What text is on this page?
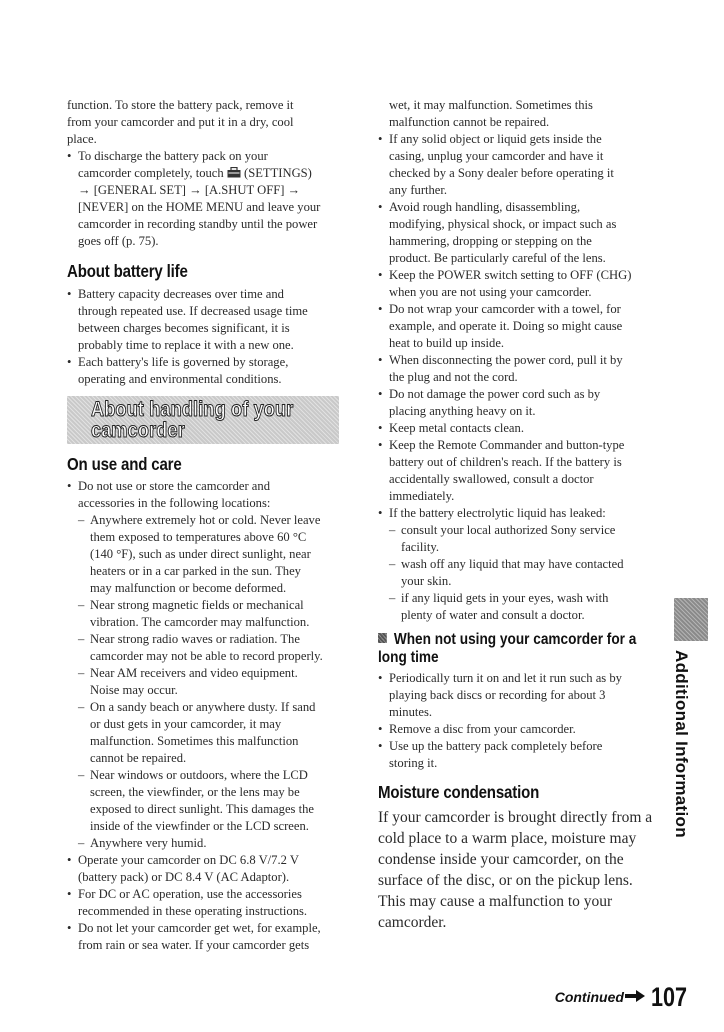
function. To store the battery pack, remove it
from your camcorder and put it in a dry, cool
place.
• To discharge the battery pack on your
camcorder completely, touch (SETTINGS)
→ [GENERAL SET] → [A.SHUT OFF] →
[NEVER] on the HOME MENU and leave your
camcorder in recording standby until the power
goes off (p. 75).
About battery life
• Battery capacity decreases over time and
through repeated use. If decreased usage time
between charges becomes significant, it is
probably time to replace it with a new one.
• Each battery's life is governed by storage,
operating and environmental conditions.
About handling of your
camcorder
On use and care
• Do not use or store the camcorder and
accessories in the following locations:
– Anywhere extremely hot or cold. Never leave
them exposed to temperatures above 60 °C
(140 °F), such as under direct sunlight, near
heaters or in a car parked in the sun. They
may malfunction or become deformed.
– Near strong magnetic fields or mechanical
vibration. The camcorder may malfunction.
– Near strong radio waves or radiation. The
camcorder may not be able to record properly.
– Near AM receivers and video equipment.
Noise may occur.
– On a sandy beach or anywhere dusty. If sand
or dust gets in your camcorder, it may
malfunction. Sometimes this malfunction
cannot be repaired.
– Near windows or outdoors, where the LCD
screen, the viewfinder, or the lens may be
exposed to direct sunlight. This damages the
inside of the viewfinder or the LCD screen.
– Anywhere very humid.
• Operate your camcorder on DC 6.8 V/7.2 V
(battery pack) or DC 8.4 V (AC Adaptor).
• For DC or AC operation, use the accessories
recommended in these operating instructions.
• Do not let your camcorder get wet, for example,
from rain or sea water. If your camcorder gets
wet, it may malfunction. Sometimes this
malfunction cannot be repaired.
• If any solid object or liquid gets inside the
casing, unplug your camcorder and have it
checked by a Sony dealer before operating it
any further.
• Avoid rough handling, disassembling,
modifying, physical shock, or impact such as
hammering, dropping or stepping on the
product. Be particularly careful of the lens.
• Keep the POWER switch setting to OFF (CHG)
when you are not using your camcorder.
• Do not wrap your camcorder with a towel, for
example, and operate it. Doing so might cause
heat to build up inside.
• When disconnecting the power cord, pull it by
the plug and not the cord.
• Do not damage the power cord such as by
placing anything heavy on it.
• Keep metal contacts clean.
• Keep the Remote Commander and button-type
battery out of children's reach. If the battery is
accidentally swallowed, consult a doctor
immediately.
• If the battery electrolytic liquid has leaked:
– consult your local authorized Sony service
facility.
– wash off any liquid that may have contacted
your skin.
– if any liquid gets in your eyes, wash with
plenty of water and consult a doctor.
When not using your camcorder for a
long time
• Periodically turn it on and let it run such as by
playing back discs or recording for about 3
minutes.
• Remove a disc from your camcorder.
• Use up the battery pack completely before
storing it.
Moisture condensation
If your camcorder is brought directly from a
cold place to a warm place, moisture may
condense inside your camcorder, on the
surface of the disc, or on the pickup lens.
This may cause a malfunction to your
camcorder.
Additional Information
Continued 107
